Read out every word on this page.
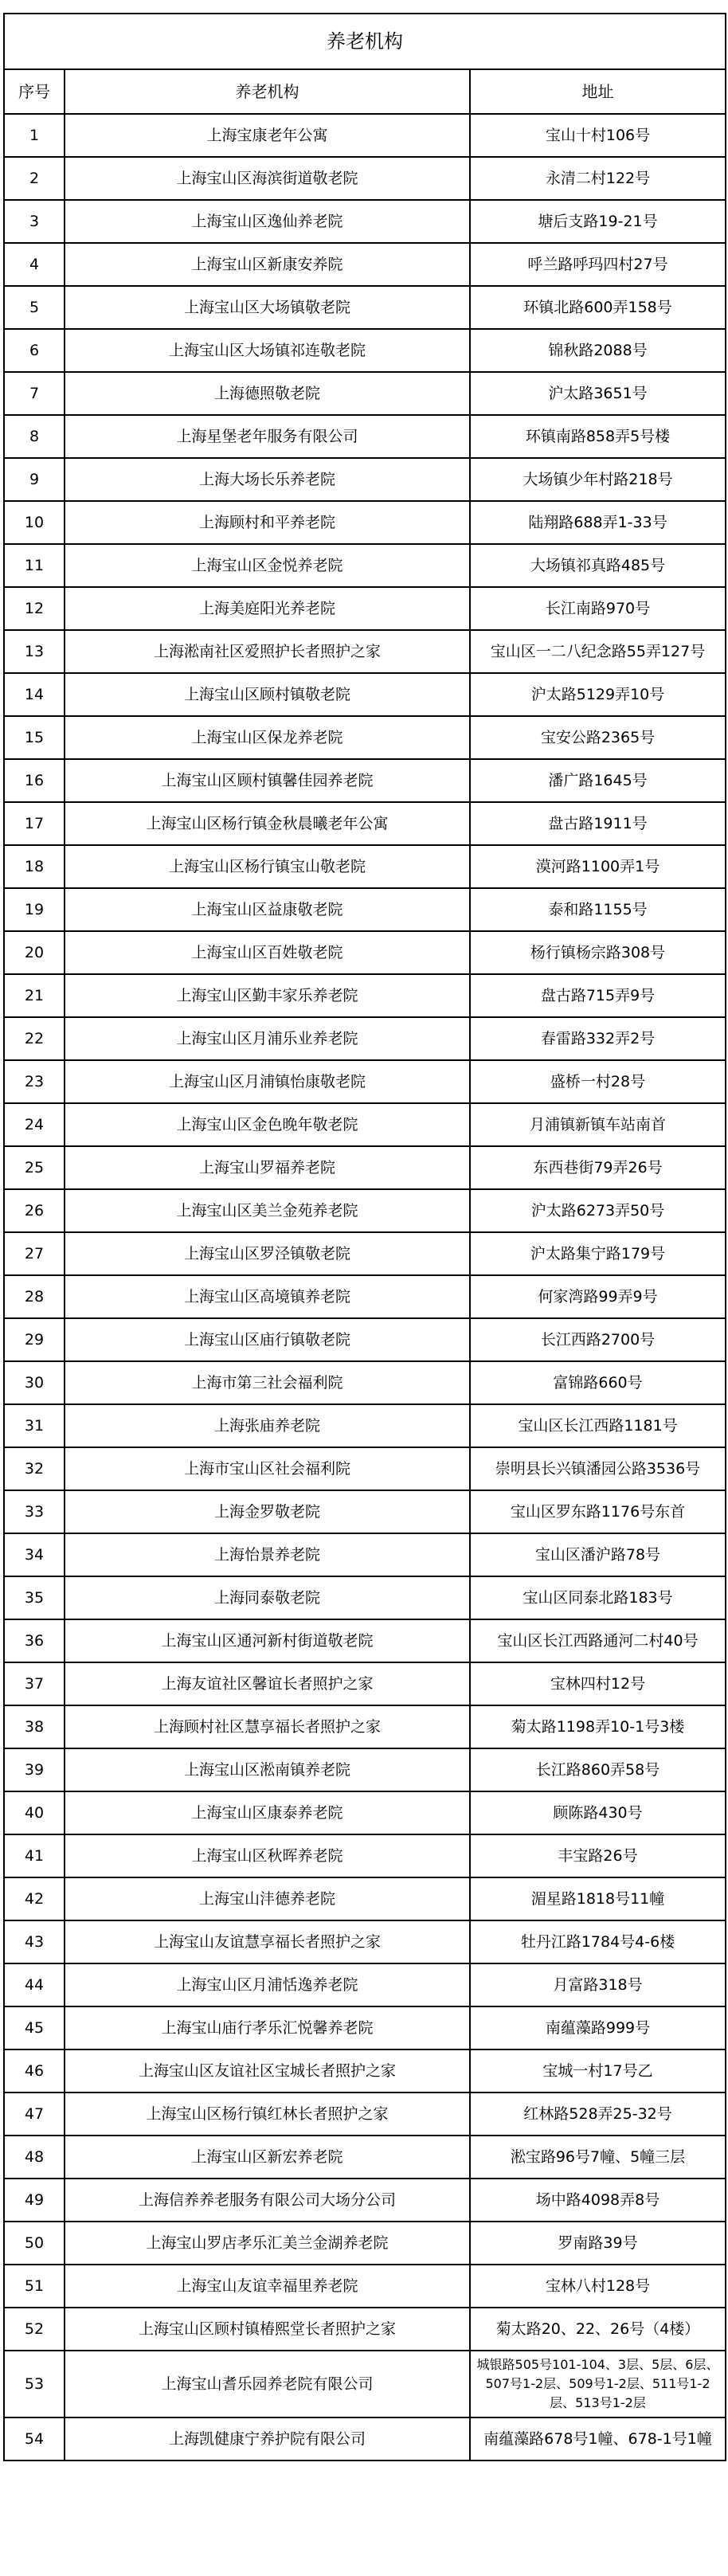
养老机构		
序号	养老机构	地址
1	上海宝康老年公寓	宝山十村106号
2	上海宝山区海滨街道敬老院	永清二村122号
3	上海宝山区逸仙养老院	塘后支路19-21号
4	上海宝山区新康安养院	呼兰路呼玛四村27号
5	上海宝山区大场镇敬老院	环镇北路600弄158号
6	上海宝山区大场镇祁连敬老院	锦秋路2088号
7	上海德照敬老院	沪太路3651号
8	上海星堡老年服务有限公司	环镇南路858弄5号楼
9	上海大场长乐养老院	大场镇少年村路218号
10	上海顾村和平养老院	陆翔路688弄1-33号
11	上海宝山区金悦养老院	大场镇祁真路485号
12	上海美庭阳光养老院	长江南路970号
13	上海淞南社区爱照护长者照护之家	宝山区一二八纪念路55弄127号
14	上海宝山区顾村镇敬老院	沪太路5129弄10号
15	上海宝山区保龙养老院	宝安公路2365号
16	上海宝山区顾村镇馨佳园养老院	潘广路1645号
17	上海宝山区杨行镇金秋晨曦老年公寓	盘古路1911号
18	上海宝山区杨行镇宝山敬老院	漠河路1100弄1号
19	上海宝山区益康敬老院	泰和路1155号
20	上海宝山区百姓敬老院	杨行镇杨宗路308号
21	上海宝山区勤丰家乐养老院	盘古路715弄9号
22	上海宝山区月浦乐业养老院	春雷路332弄2号
23	上海宝山区月浦镇怡康敬老院	盛桥一村28号
24	上海宝山区金色晚年敬老院	月浦镇新镇车站南首
25	上海宝山罗福养老院	东西巷街79弄26号
26	上海宝山区美兰金苑养老院	沪太路6273弄50号
27	上海宝山区罗泾镇敬老院	沪太路集宁路179号
28	上海宝山区高境镇养老院	何家湾路99弄9号
29	上海宝山区庙行镇敬老院	长江西路2700号
30	上海市第三社会福利院	富锦路660号
31	上海张庙养老院	宝山区长江西路1181号
32	上海市宝山区社会福利院	崇明县长兴镇潘园公路3536号
33	上海金罗敬老院	宝山区罗东路1176号东首
34	上海怡景养老院	宝山区潘沪路78号
35	上海同泰敬老院	宝山区同泰北路183号
36	上海宝山区通河新村街道敬老院	宝山区长江西路通河二村40号
37	上海友谊社区馨谊长者照护之家	宝林四村12号
38	上海顾村社区慧享福长者照护之家	菊太路1198弄10-1号3楼
39	上海宝山区淞南镇养老院	长江路860弄58号
40	上海宝山区康泰养老院	顾陈路430号
41	上海宝山区秋晖养老院	丰宝路26号
42	上海宝山沣德养老院	湄星路1818号11幢
43	上海宝山友谊慧享福长者照护之家	牡丹江路1784号4-6楼
44	上海宝山区月浦恬逸养老院	月富路318号
45	上海宝山庙行孝乐汇悦馨养老院	南蕴藻路999号
46	上海宝山区友谊社区宝城长者照护之家	宝城一村17号乙
47	上海宝山区杨行镇红林长者照护之家	红林路528弄25-32号
48	上海宝山区新宏养老院	淞宝路96号7幢、5幢三层
49	上海信养养老服务有限公司大场分公司	场中路4098弄8号
50	上海宝山罗店孝乐汇美兰金湖养老院	罗南路39号
51	上海宝山友谊幸福里养老院	宝林八村128号
52	上海宝山区顾村镇椿熙堂长者照护之家	菊太路20、22、26号（4楼）
53	上海宝山耆乐园养老院有限公司	城银路505号101-104、3层、5层、6层、507号1-2层、509号1-2层、511号1-2层、513号1-2层
54	上海凯健康宁养护院有限公司	南蕴藻路678号1幢、678-1号1幢
